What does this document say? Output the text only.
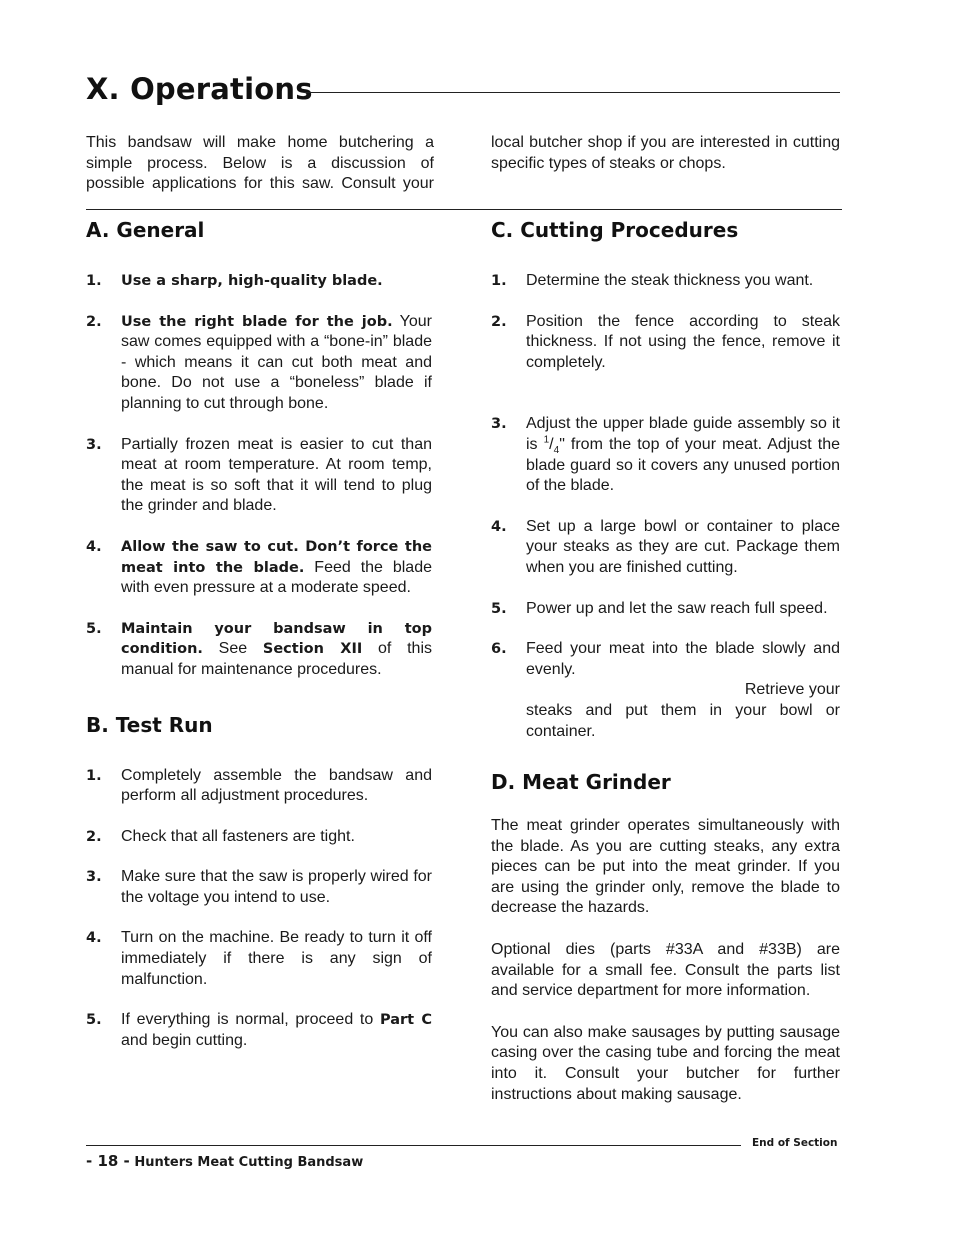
X. Operations

This bandsaw will make home butchering a simple process. Below is a discussion of possible applications for this saw. Consult your

local butcher shop if you are interested in cutting specific types of steaks or chops.

A. General
1. Use a sharp, high-quality blade.
2. Use the right blade for the job. Your saw comes equipped with a “bone-in” blade - which means it can cut both meat and bone. Do not use a “boneless” blade if planning to cut through bone.
3. Partially frozen meat is easier to cut than meat at room temperature. At room temp, the meat is so soft that it will tend to plug the grinder and blade.
4. Allow the saw to cut. Don’t force the meat into the blade. Feed the blade with even pressure at a moderate speed.
5. Maintain your bandsaw in top condition. See Section XII of this manual for maintenance procedures.
B. Test Run
1. Completely assemble the bandsaw and perform all adjustment procedures.
2. Check that all fasteners are tight.
3. Make sure that the saw is properly wired for the voltage you intend to use.
4. Turn on the machine. Be ready to turn it off immediately if there is any sign of malfunction.
5. If everything is normal, proceed to Part C and begin cutting.
C. Cutting Procedures
1. Determine the steak thickness you want.
2. Position the fence according to steak thickness. If not using the fence, remove it completely.
3. Adjust the upper blade guide assembly so it is $^1/_4$" from the top of your meat. Adjust the blade guard so it covers any unused portion of the blade.
4. Set up a large bowl or container to place your steaks as they are cut. Package them when you are finished cutting.
5. Power up and let the saw reach full speed.
6. Feed your meat into the blade slowly and evenly.
Retrieve your
steaks and put them in your bowl or container.
D. Meat Grinder

The meat grinder operates simultaneously with the blade. As you are cutting steaks, any extra pieces can be put into the meat grinder. If you are using the grinder only, remove the blade to decrease the hazards.

Optional dies (parts #33A and #33B) are available for a small fee. Consult the parts list and service department for more information.

You can also make sausages by putting sausage casing over the casing tube and forcing the meat into it. Consult your butcher for further instructions about making sausage.

End of Section
- 18 - Hunters Meat Cutting Bandsaw
